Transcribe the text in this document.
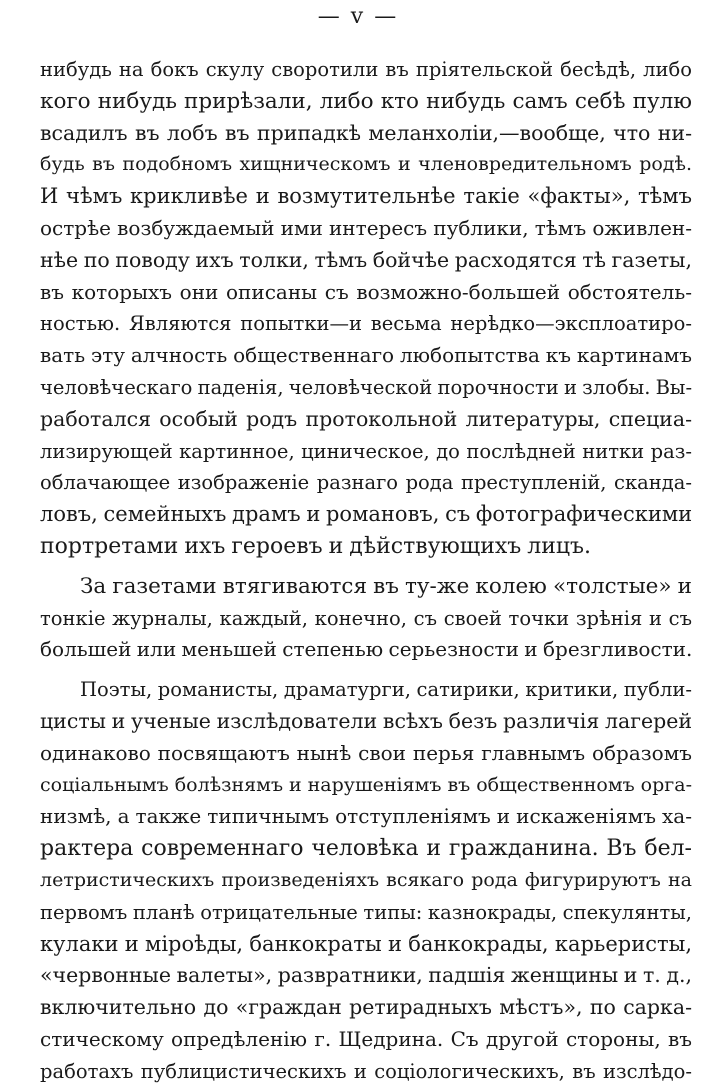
— v —
нибудь на бокъ скулу своротили въ прiятельской бесѣдѣ, либо
кого нибудь прирѣзали, либо кто нибудь самъ себѣ пулю
всадилъ въ лобъ въ припадкѣ меланхолiи,—вообще, что ни-
будь въ подобномъ хищническомъ и членовредительномъ родѣ.
И чѣмъ крикливѣе и возмутительнѣе такiе «факты», тѣмъ
острѣе возбуждаемый ими интересъ публики, тѣмъ оживлен-
нѣе по поводу ихъ толки, тѣмъ бойчѣе расходятся тѣ газеты,
въ которыхъ они описаны съ возможно-большей обстоятель-
ностью. Являются попытки—и весьма нерѣдко—эксплоатиро-
вать эту алчность общественнаго любопытства къ картинамъ
человѣческаго паденiя, человѣческой порочности и злобы. Вы-
работался особый родъ протокольной литературы, специа-
лизирующей картинное, циническое, до послѣдней нитки раз-
облачающее изображенiе разнаго рода преступленiй, скандa-
ловъ, семейныхъ драмъ и романовъ, съ фотографическими
портретами ихъ героевъ и дѣйствующихъ лицъ.
За газетами втягиваются въ ту-же колею «толстые» и
тонкiе журналы, каждый, конечно, съ своей точки зрѣнiя и съ
большей или меньшей степенью серьезности и брезгливости.
Поэты, романисты, драматурги, сатирики, критики, публи-
цисты и ученые изслѣдователи всѣхъ безъ различiя лагерей
одинаково посвящаютъ нынѣ свои перья главнымъ образомъ
соцiальнымъ болѣзнямъ и нарушенiямъ въ общественномъ орга-
низмѣ, а также типичнымъ отступленiямъ и искаженiямъ ха-
рактера современнаго человѣка и гражданина. Въ бел-
летристическихъ произведенiяхъ всякаго рода фигурируютъ на
первомъ планѣ отрицательные типы: казнокрады, спекулянты,
кулаки и мiроѣды, банкократы и банкокрады, карьеристы,
«червонные валеты», развратники, падшiя женщины и т. д.,
включительно до «граждан ретирадныхъ мѣстъ», по сарка-
стическому опредѣленiю г. Щедрина. Съ другой стороны, въ
работахъ публицистическихъ и соцiологическихъ, въ изслѣдо-
